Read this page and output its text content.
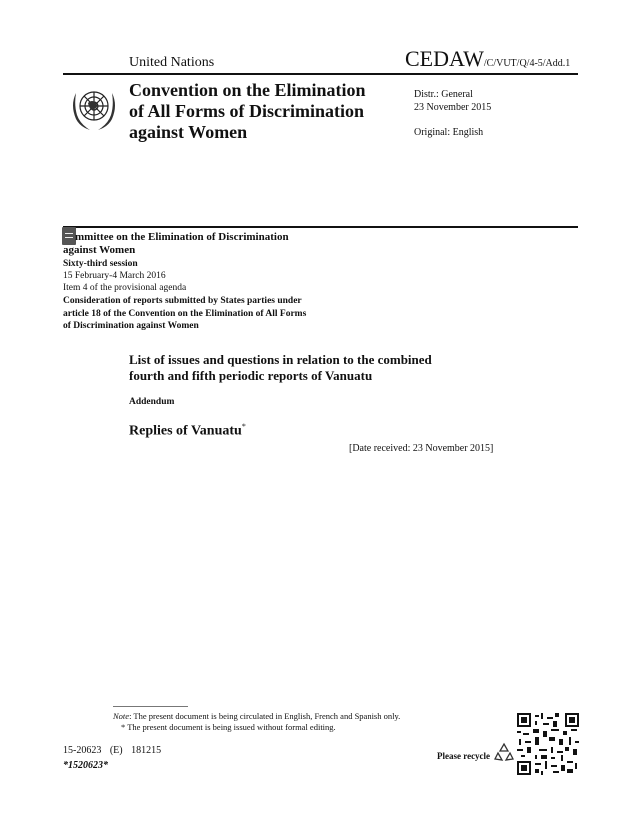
United Nations	CEDAW/C/VUT/Q/4-5/Add.1
Convention on the Elimination
of All Forms of Discrimination
against Women
Distr.: General
23 November 2015
Original: English
mmittee on the Elimination of Discrimination
against Women
Sixty-third session
15 February-4 March 2016
Item 4 of the provisional agenda
Consideration of reports submitted by States parties under
article 18 of the Convention on the Elimination of All Forms
of Discrimination against Women
List of issues and questions in relation to the combined
fourth and fifth periodic reports of Vanuatu
Addendum
Replies of Vanuatu*
[Date received: 23 November 2015]
Note: The present document is being circulated in English, French and Spanish only.
* The present document is being issued without formal editing.
15-20623 (E) 181215
*1520623*
Please recycle
